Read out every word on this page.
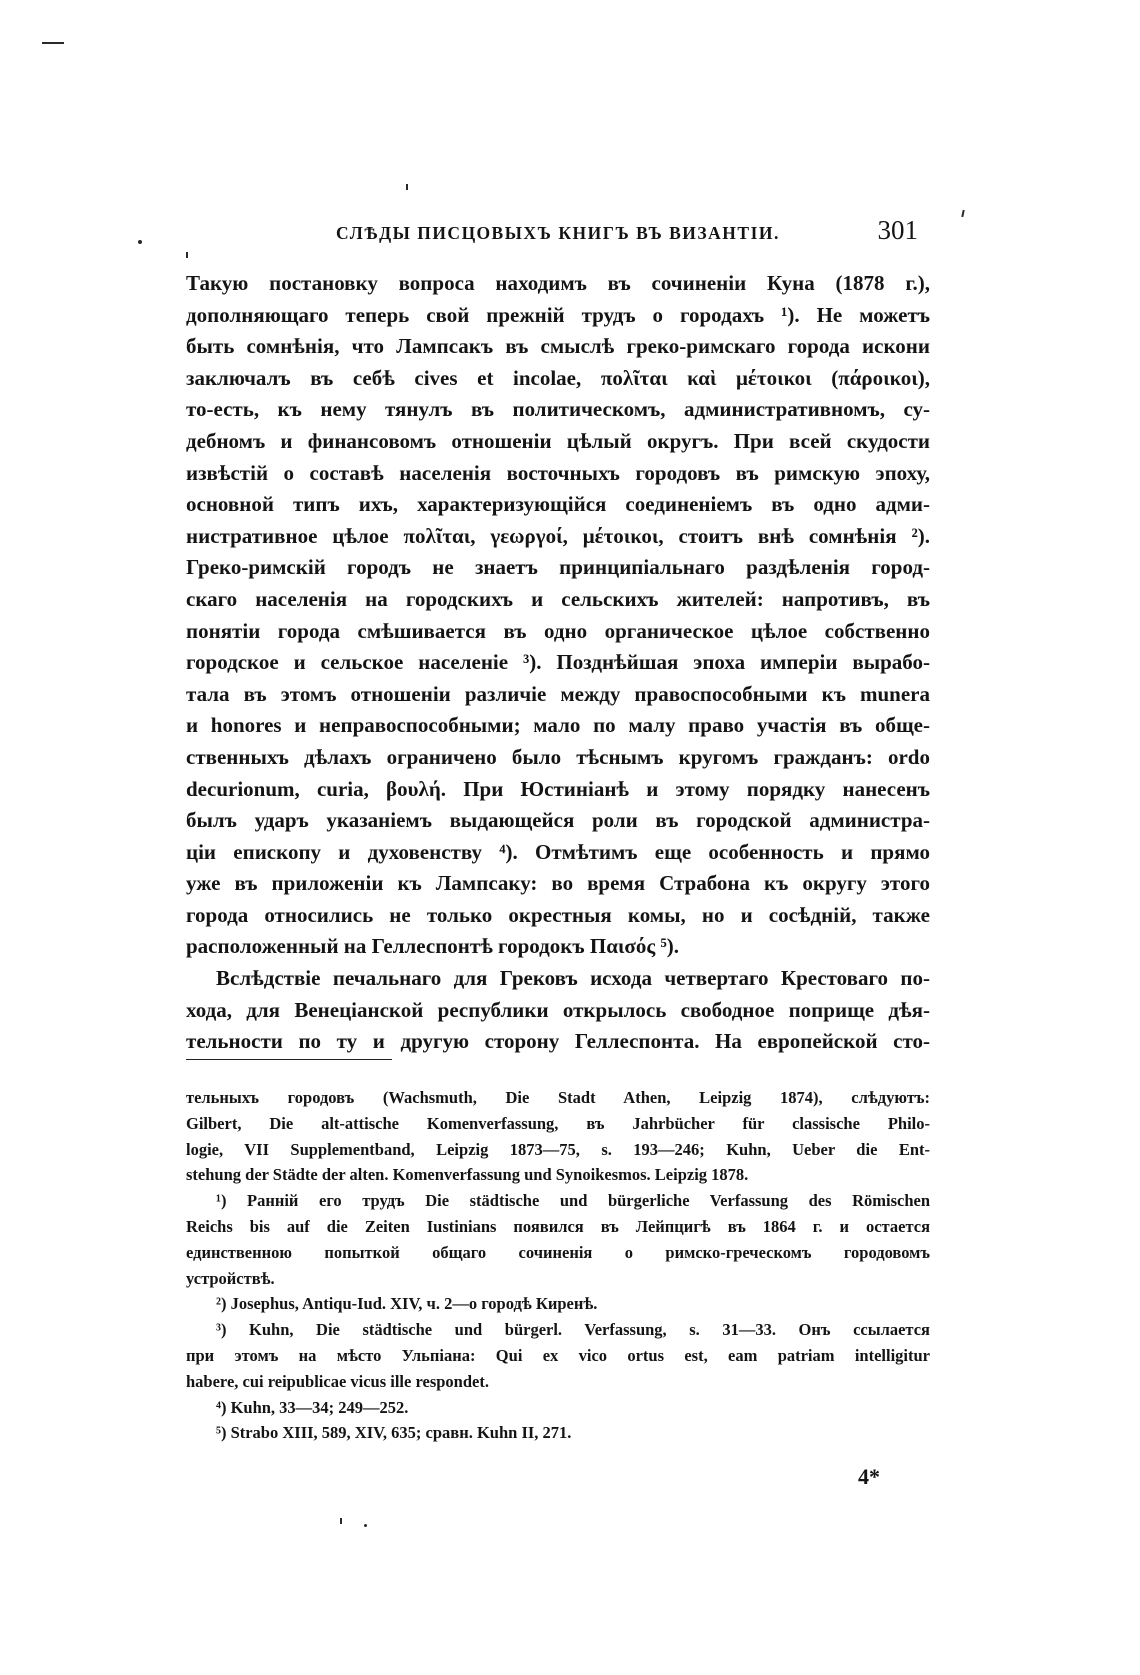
СЛѢДЫ ПИСЦОВЫХЪ КНИГЪ ВЪ ВИЗАНТІИ.	301
Такую постановку вопроса находимъ въ сочиненіи Куна (1878 г.),
дополняющаго теперь свой прежній трудъ о городахъ ¹). Не можетъ
быть сомнѣнія, что Лампсакъ въ смыслѣ греко-римскаго города искони
заключалъ въ себѣ cives et incolae, πολῖται καὶ μέτοικοι (πάροικοι),
то-есть, къ нему тянулъ въ политическомъ, административномъ, су-
дебномъ и финансовомъ отношеніи цѣлый округъ. При всей скудости
извѣстій о составѣ населенія восточныхъ городовъ въ римскую эпоху,
основной типъ ихъ, характеризующійся соединеніемъ въ одно адми-
нистративное цѣлое πολῖται, γεωργοί, μέτοικοι, стоитъ внѣ сомнѣнія ²).
Греко-римскій городъ не знаетъ принципіальнаго раздѣленія город-
скаго населенія на городскихъ и сельскихъ жителей: напротивъ, въ
понятіи города смѣшивается въ одно органическое цѣлое собственно
городское и сельское населеніе ³). Позднѣйшая эпоха имперіи вырабо-
тала въ этомъ отношеніи различіе между правоспособными къ munera
и honores и неправоспособными; мало по малу право участія въ обще-
ственныхъ дѣлахъ ограничено было тѣснымъ кругомъ гражданъ: ordo
decurionum, curia, βουλή. При Юстиніанѣ и этому порядку нанесенъ
былъ ударъ указаніемъ выдающейся роли въ городской администра-
ціи епископу и духовенству ⁴). Отмѣтимъ еще особенность и прямо
уже въ приложеніи къ Лампсаку: во время Страбона къ округу этого
города относились не только окрестныя комы, но и сосѣдній, также
расположенный на Геллеспонтѣ городокъ Παισός ⁵).
Вслѣдствіе печальнаго для Грековъ исхода четвертаго Крестоваго по-
хода, для Венеціанской республики открылось свободное поприще дѣя-
тельности по ту и другую сторону Геллеспонта. На европейской сто-
тельныхъ городовъ (Wachsmuth, Die Stadt Athen, Leipzig 1874), слѣдуютъ:
Gilbert, Die alt-attische Komenverfassung, въ Jahrbücher für classische Philo-
logie, VII Supplementband, Leipzig 1873—75, s. 193—246; Kuhn, Ueber die Ent-
stehung der Städte der alten. Komenverfassung und Synoikesmos. Leipzig 1878.
¹) Ранній его трудъ Die städtische und bürgerliche Verfassung des Römischen
Reichs bis auf die Zeiten Iustinians появился въ Лейпцигѣ въ 1864 г. и остается
единственною попыткой общаго сочиненія о римско-греческомъ городовомъ
устройствѣ.
²) Josephus, Antiqu-Iud. XIV, ч. 2—о городѣ Киренѣ.
³) Kuhn, Die städtische und bürgerl. Verfassung, s. 31—33. Онъ ссылается
при этомъ на мѣсто Ульпіана: Qui ex vico ortus est, eam patriam intelligitur
habere, cui reipublicae vicus ille respondet.
⁴) Kuhn, 33—34; 249—252.
⁵) Strabo XIII, 589, XIV, 635; сравн. Kuhn II, 271.
4*
